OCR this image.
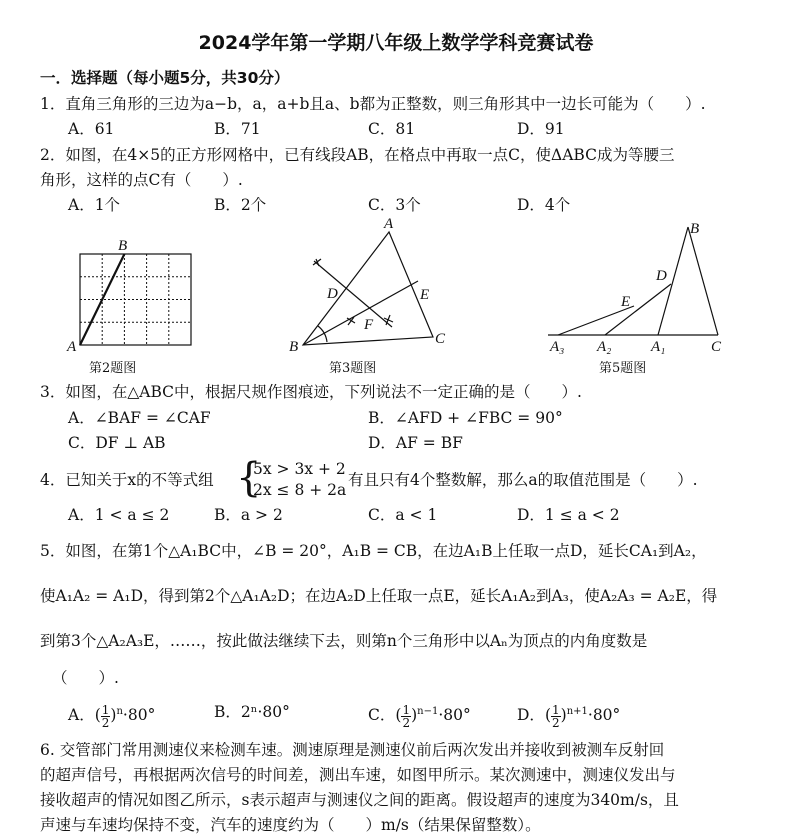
2024学年第一学期八年级上数学学科竞赛试卷
一．选择题（每小题5分，共30分）
1．直角三角形的三边为a−b，a，a+b且a、b都为正整数，则三角形其中一边长可能为（　　）.
A．61	B．71	C．81	D．91
2．如图，在4×5的正方形网格中，已有线段AB，在格点中再取一点C，使ΔABC成为等腰三
角形，这样的点C有（　　）.
A．1个	B．2个	C．3个	D．4个
A
B
第2题图
A
B	C
D	E
F
第3题图
B
D
E
A₃ A₂	A₁	C
第5题图
3．如图，在△ABC中，根据尺规作图痕迹，下列说法不一定正确的是（　　）.
A．∠BAF = ∠CAF	B．∠AFD + ∠FBC = 90°
C．DF ⊥ AB	D．AF = BF
4．已知关于x的不等式组 {
5x > 3x + 2
2x ≤ 8 + 2a
有且只有4个整数解，那么a的取值范围是（　　）.
A．1 < a ≤ 2	B．a > 2	C．a < 1	D．1 ≤ a < 2
5．如图，在第1个△A₁BC中，∠B = 20°，A₁B = CB，在边A₁B上任取一点D，延长CA₁到A₂，
使A₁A₂ = A₁D，得到第2个△A₁A₂D；在边A₂D上任取一点E，延长A₁A₂到A₃，使A₂A₃ = A₂E，得
到第3个△A₂A₃E，……，按此做法继续下去，则第n个三角形中以Aₙ为顶点的内角度数是
（　　）.
A．( $\frac{1}{2} )^n\cdot 80^\circ$	B．2ⁿ·80°	C．( $\frac{1}{2} )^{n-1}\cdot 80^\circ$	D．( $\frac{1}{2} )^{n+1}\cdot 80^\circ$
6. 交管部门常用测速仪来检测车速。测速原理是测速仪前后两次发出并接收到被测车反射回
的超声信号，再根据两次信号的时间差，测出车速，如图甲所示。某次测速中，测速仪发出与
接收超声的情况如图乙所示，s表示超声与测速仪之间的距离。假设超声的速度为340m/s，且
声速与车速均保持不变，汽车的速度约为（　　）m/s（结果保留整数）。
